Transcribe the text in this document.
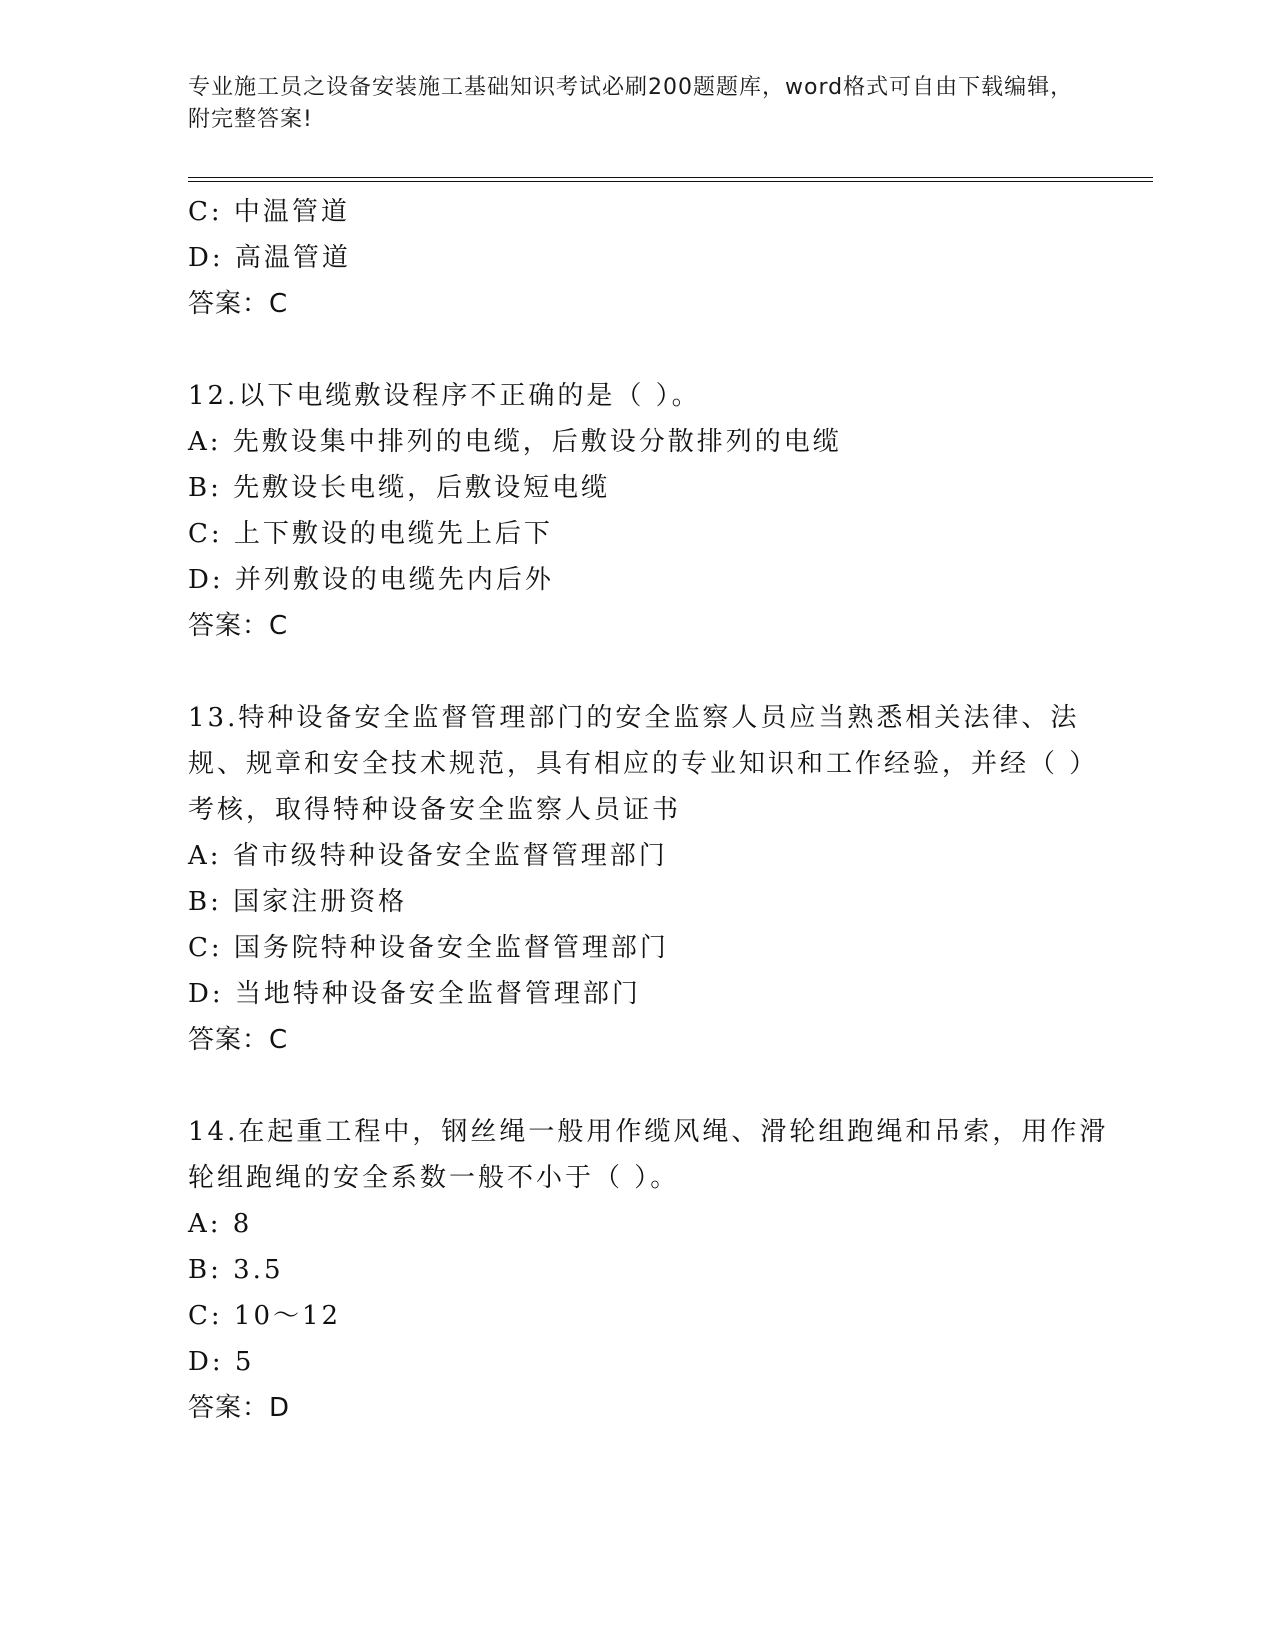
专业施工员之设备安装施工基础知识考试必刷200题题库，word格式可自由下载编辑，附完整答案!
C: 中温管道
D: 高温管道
答案：C
12.以下电缆敷设程序不正确的是（ ）。
A: 先敷设集中排列的电缆，后敷设分散排列的电缆
B: 先敷设长电缆，后敷设短电缆
C: 上下敷设的电缆先上后下
D: 并列敷设的电缆先内后外
答案：C
13.特种设备安全监督管理部门的安全监察人员应当熟悉相关法律、法规、规章和安全技术规范，具有相应的专业知识和工作经验，并经（ ）考核，取得特种设备安全监察人员证书
A: 省市级特种设备安全监督管理部门
B: 国家注册资格
C: 国务院特种设备安全监督管理部门
D: 当地特种设备安全监督管理部门
答案：C
14.在起重工程中，钢丝绳一般用作缆风绳、滑轮组跑绳和吊索，用作滑轮组跑绳的安全系数一般不小于（ ）。
A: 8
B: 3.5
C: 10～12
D: 5
答案：D
